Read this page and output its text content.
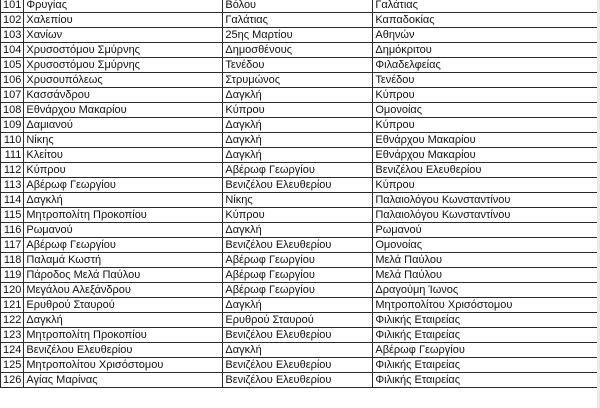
101	Φρυγίας	Βόλου	Γαλάτιας
102	Χαλεπίου	Γαλάτιας	Καπαδοκίας
103	Χανίων	25ης Μαρτίου	Αθηνών
104	Χρυσοστόμου Σμύρνης	Δημοσθένους	Δημόκριτου
105	Χρυσοστόμου Σμύρνης	Τενέδου	Φιλαδελφείας
106	Χρυσουπόλεως	Στρυμώνος	Τενέδου
107	Κασσάνδρου	Δαγκλή	Κύπρου
108	Εθνάρχου Μακαρίου	Κύπρου	Ομονοίας
109	Δαμιανού	Δαγκλή	Κύπρου
110	Νίκης	Δαγκλή	Εθνάρχου Μακαρίου
111	Κλείτου	Δαγκλή	Εθνάρχου Μακαρίου
112	Κύπρου	Αβέρωφ Γεωργίου	Βενιζέλου Ελευθερίου
113	Αβέρωφ Γεωργίου	Βενιζέλου Ελευθερίου	Κύπρου
114	Δαγκλή	Νίκης	Παλαιολόγου Κωνσταντίνου
115	Μητροπολίτη Προκοπίου	Κύπρου	Παλαιολόγου Κωνσταντίνου
116	Ρωμανού	Δαγκλή	Ρωμανού
117	Αβέρωφ Γεωργίου	Βενιζέλου Ελευθερίου	Ομονοίας
118	Παλαμά Κωστή	Αβέρωφ Γεωργίου	Μελά Παύλου
119	Πάροδος Μελά Παύλου	Αβέρωφ Γεωργίου	Μελά Παύλου
120	Μεγάλου Αλεξάνδρου	Αβέρωφ Γεωργίου	Δραγούμη Ίωνος
121	Ερυθρού Σταυρού	Δαγκλή	Μητροπολίτου Χρισόστομου
122	Δαγκλή	Ερυθρού Σταυρού	Φιλικής Εταιρείας
123	Μητροπολίτη Προκοπίου	Βενιζέλου Ελευθερίου	Φιλικής Εταιρείας
124	Βενιζέλου Ελευθερίου	Δαγκλή	Αβέρωφ Γεωργίου
125	Μητροπολίτου Χρισόστομου	Βενιζέλου Ελευθερίου	Φιλικής Εταιρείας
126	Αγίας Μαρίνας	Βενιζέλου Ελευθερίου	Φιλικής Εταιρείας
